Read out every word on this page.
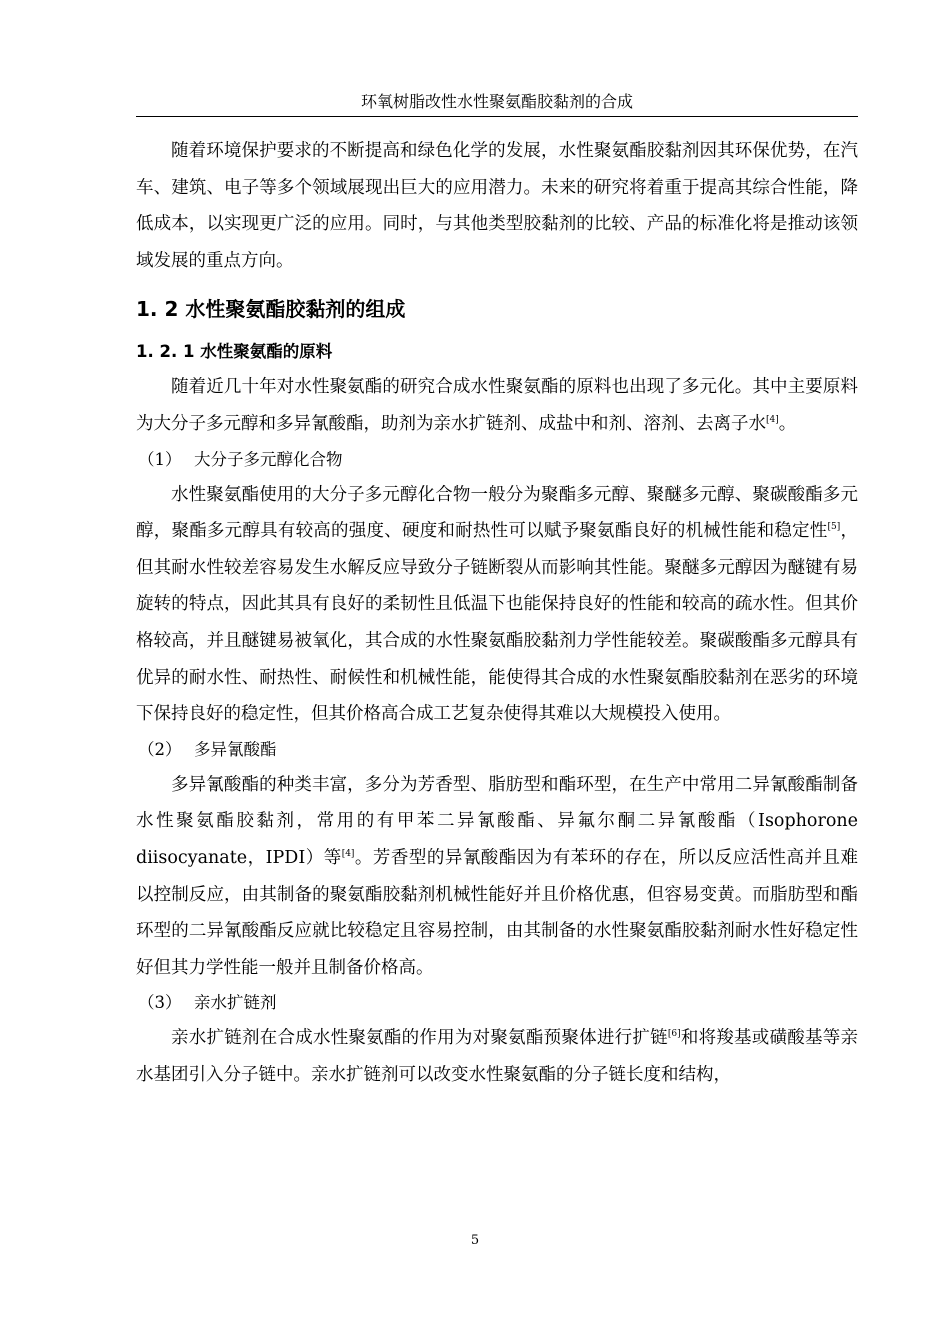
环氧树脂改性水性聚氨酯胶黏剂的合成

随着环境保护要求的不断提高和绿色化学的发展，水性聚氨酯胶黏剂因其环保优势，在汽车、建筑、电子等多个领域展现出巨大的应用潜力。未来的研究将着重于提高其综合性能，降低成本，以实现更广泛的应用。同时，与其他类型胶黏剂的比较、产品的标准化将是推动该领域发展的重点方向。

1. 2 水性聚氨酯胶黏剂的组成
1. 2. 1 水性聚氨酯的原料

随着近几十年对水性聚氨酯的研究合成水性聚氨酯的原料也出现了多元化。其中主要原料为大分子多元醇和多异氰酸酯，助剂为亲水扩链剂、成盐中和剂、溶剂、去离子水[4]。

（1） 大分子多元醇化合物

水性聚氨酯使用的大分子多元醇化合物一般分为聚酯多元醇、聚醚多元醇、聚碳酸酯多元醇，聚酯多元醇具有较高的强度、硬度和耐热性可以赋予聚氨酯良好的机械性能和稳定性[5]，但其耐水性较差容易发生水解反应导致分子链断裂从而影响其性能。聚醚多元醇因为醚键有易旋转的特点，因此其具有良好的柔韧性且低温下也能保持良好的性能和较高的疏水性。但其价格较高，并且醚键易被氧化，其合成的水性聚氨酯胶黏剂力学性能较差。聚碳酸酯多元醇具有优异的耐水性、耐热性、耐候性和机械性能，能使得其合成的水性聚氨酯胶黏剂在恶劣的环境下保持良好的稳定性，但其价格高合成工艺复杂使得其难以大规模投入使用。

（2） 多异氰酸酯

多异氰酸酯的种类丰富，多分为芳香型、脂肪型和酯环型，在生产中常用二异氰酸酯制备水性聚氨酯胶黏剂，常用的有甲苯二异氰酸酯、异氟尔酮二异氰酸酯（Isophorone diisocyanate，IPDI）等[4]。芳香型的异氰酸酯因为有苯环的存在，所以反应活性高并且难以控制反应，由其制备的聚氨酯胶黏剂机械性能好并且价格优惠，但容易变黄。而脂肪型和酯环型的二异氰酸酯反应就比较稳定且容易控制，由其制备的水性聚氨酯胶黏剂耐水性好稳定性好但其力学性能一般并且制备价格高。

（3） 亲水扩链剂

亲水扩链剂在合成水性聚氨酯的作用为对聚氨酯预聚体进行扩链[6]和将羧基或磺酸基等亲水基团引入分子链中。亲水扩链剂可以改变水性聚氨酯的分子链长度和结构，

5
